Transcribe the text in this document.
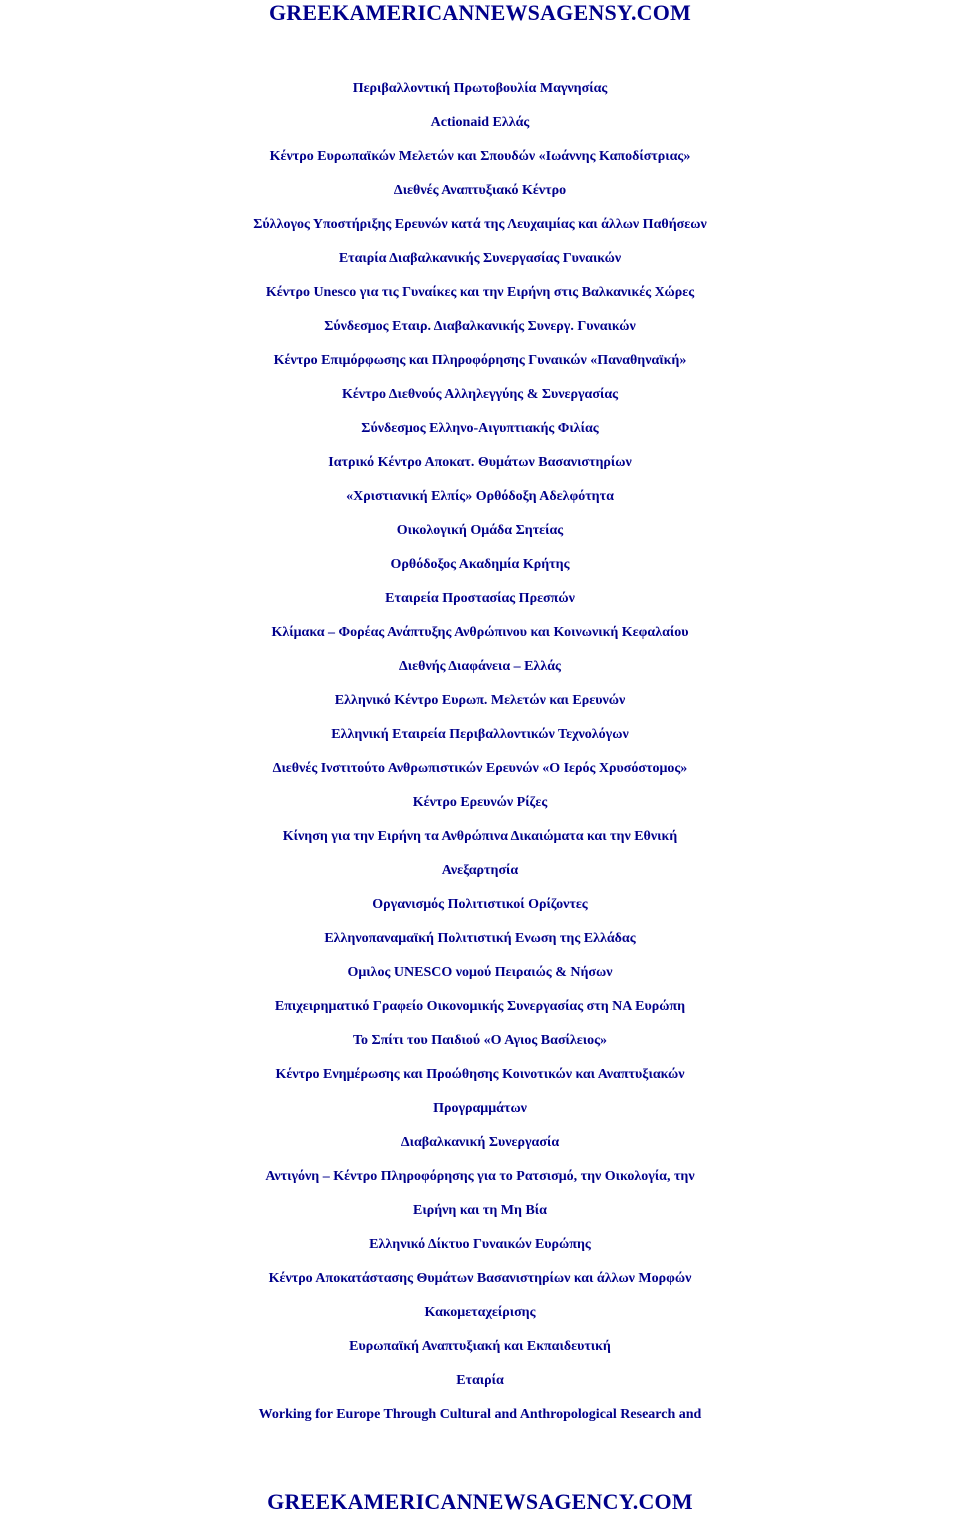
GREEKAMERICANNEWSAGENSY.COM
Περιβαλλοντική Πρωτοβουλία Μαγνησίας
Actionaid Ελλάς
Κέντρο Ευρωπαϊκών Μελετών και Σπουδών «Ιωάννης Καποδίστριας»
Διεθνές Αναπτυξιακό Κέντρο
Σύλλογος Υποστήριξης Ερευνών κατά της Λευχαιμίας και άλλων Παθήσεων
Εταιρία Διαβαλκανικής Συνεργασίας Γυναικών
Κέντρο Unesco για τις Γυναίκες και την Ειρήνη στις Βαλκανικές Χώρες
Σύνδεσμος Εταιρ. Διαβαλκανικής Συνεργ. Γυναικών
Κέντρο Επιμόρφωσης και Πληροφόρησης Γυναικών «Παναθηναϊκή»
Κέντρο Διεθνούς Αλληλεγγύης & Συνεργασίας
Σύνδεσμος Ελληνο-Αιγυπτιακής Φιλίας
Ιατρικό Κέντρο Αποκατ. Θυμάτων Βασανιστηρίων
«Χριστιανική Ελπίς» Ορθόδοξη Αδελφότητα
Οικολογική Ομάδα Σητείας
Ορθόδοξος Ακαδημία Κρήτης
Εταιρεία Προστασίας Πρεσπών
Κλίμακα – Φορέας Ανάπτυξης Ανθρώπινου και Κοινωνική Κεφαλαίου
Διεθνής Διαφάνεια – Ελλάς
Ελληνικό Κέντρο Ευρωπ. Μελετών και Ερευνών
Ελληνική Εταιρεία Περιβαλλοντικών Τεχνολόγων
Διεθνές Ινστιτούτο Ανθρωπιστικών Ερευνών «Ο Ιερός Χρυσόστομος»
Κέντρο Ερευνών Ρίζες
Κίνηση για την Ειρήνη τα Ανθρώπινα Δικαιώματα και την Εθνική
Ανεξαρτησία
Οργανισμός Πολιτιστικοί Ορίζοντες
Ελληνοπαναμαϊκή Πολιτιστική Ενωση της Ελλάδας
Ομιλος UNESCO νομού Πειραιώς & Νήσων
Επιχειρηματικό Γραφείο Οικονομικής Συνεργασίας στη ΝΑ Ευρώπη
Το Σπίτι του Παιδιού «Ο Αγιος Βασίλειος»
Κέντρο Ενημέρωσης και Προώθησης Κοινοτικών και Αναπτυξιακών
Προγραμμάτων
Διαβαλκανική Συνεργασία
Αντιγόνη – Κέντρο Πληροφόρησης για το Ρατσισμό, την Οικολογία, την
Ειρήνη και τη Μη Βία
Ελληνικό Δίκτυο Γυναικών Ευρώπης
Κέντρο Αποκατάστασης Θυμάτων Βασανιστηρίων και άλλων Μορφών
Κακομεταχείρισης
Ευρωπαϊκή Αναπτυξιακή και Εκπαιδευτική
Εταιρία
Working for Europe Through Cultural and Anthropological Research and
GREEKAMERICANNEWSAGENCY.COM
